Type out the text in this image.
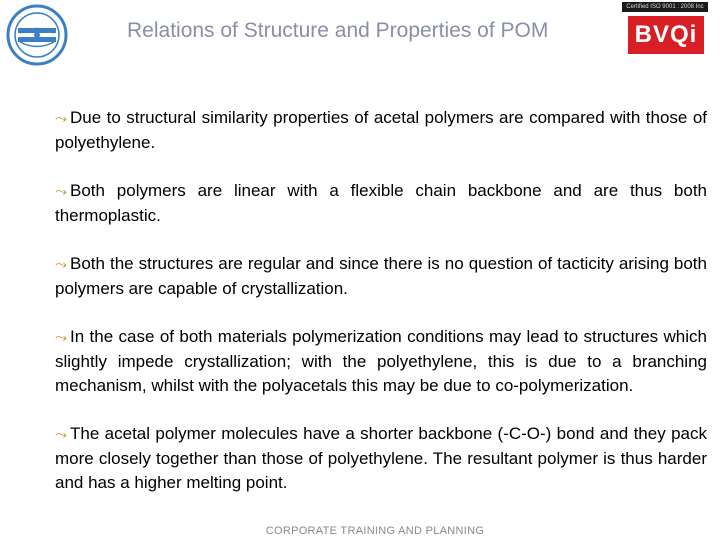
Relations of Structure and Properties of POM
Certified ISO 9001 : 2008 Inc
BVQi

⤳ Due to structural similarity properties of acetal polymers are compared with those of polyethylene.

⤳ Both polymers are linear with a flexible chain backbone and are thus both thermoplastic.

⤳ Both the structures are regular and since there is no question of tacticity arising both polymers are capable of crystallization.

⤳ In the case of both materials polymerization conditions may lead to structures which slightly impede crystallization; with the polyethylene, this is due to a branching mechanism, whilst with the polyacetals this may be due to co-polymerization.

⤳ The acetal polymer molecules have a shorter backbone (-C-O-) bond and they pack more closely together than those of polyethylene. The resultant polymer is thus harder and has a higher melting point.

CORPORATE TRAINING AND PLANNING
